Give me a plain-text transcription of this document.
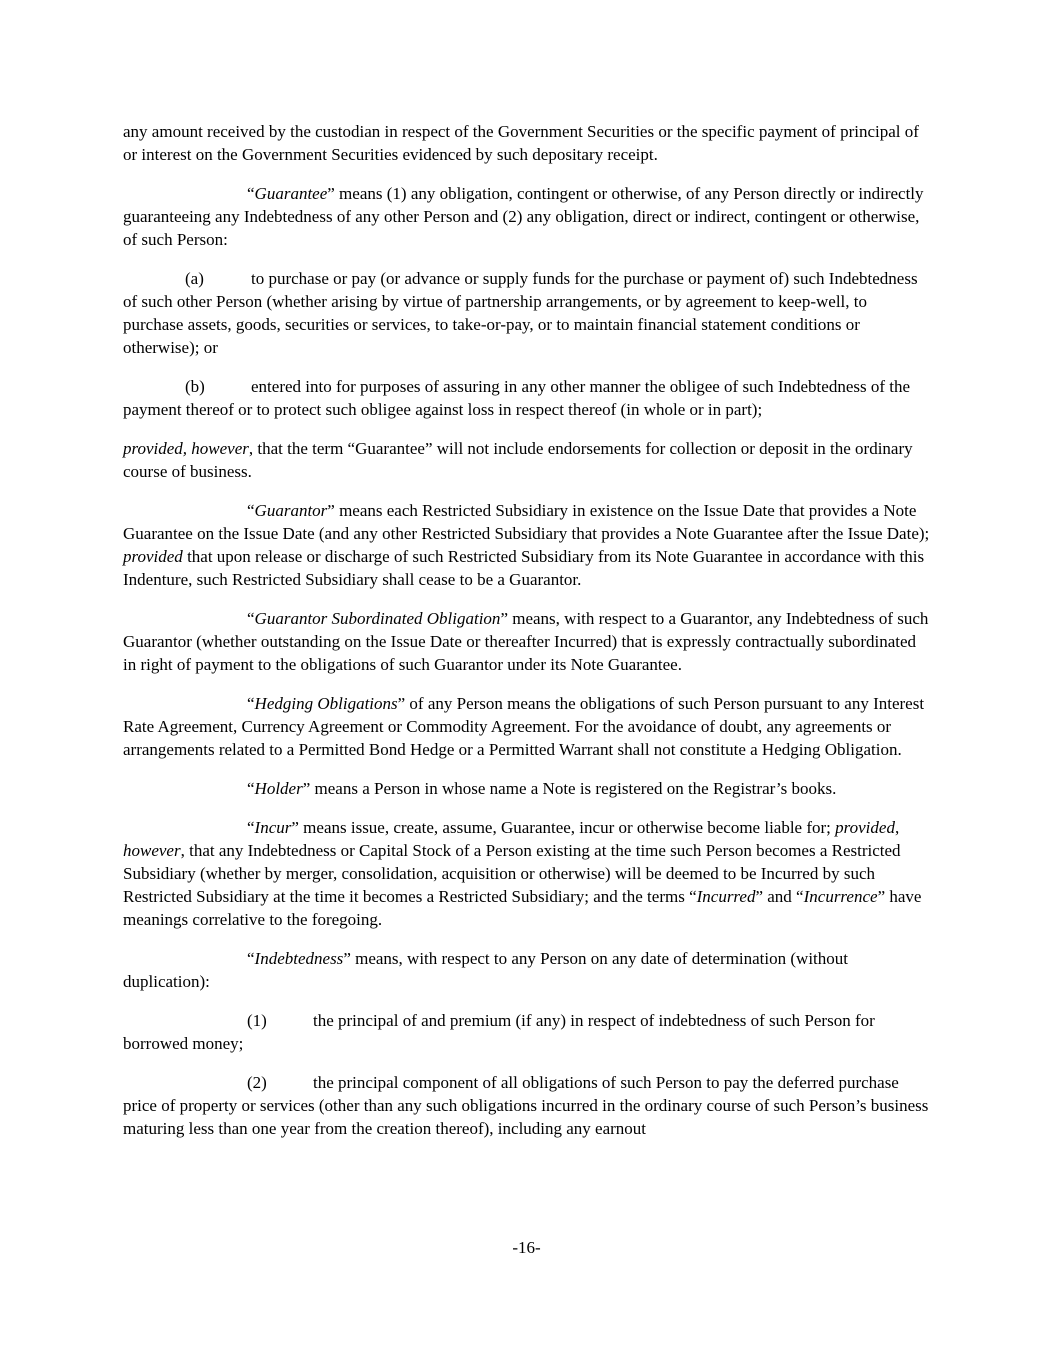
any amount received by the custodian in respect of the Government Securities or the specific payment of principal of or interest on the Government Securities evidenced by such depositary receipt.

“Guarantee” means (1) any obligation, contingent or otherwise, of any Person directly or indirectly guaranteeing any Indebtedness of any other Person and (2) any obligation, direct or indirect, contingent or otherwise, of such Person:

(a)	to purchase or pay (or advance or supply funds for the purchase or payment of) such Indebtedness of such other Person (whether arising by virtue of partnership arrangements, or by agreement to keep-well, to purchase assets, goods, securities or services, to take-or-pay, or to maintain financial statement conditions or otherwise); or

(b)	entered into for purposes of assuring in any other manner the obligee of such Indebtedness of the payment thereof or to protect such obligee against loss in respect thereof (in whole or in part);

provided, however, that the term “Guarantee” will not include endorsements for collection or deposit in the ordinary course of business.

“Guarantor” means each Restricted Subsidiary in existence on the Issue Date that provides a Note Guarantee on the Issue Date (and any other Restricted Subsidiary that provides a Note Guarantee after the Issue Date); provided that upon release or discharge of such Restricted Subsidiary from its Note Guarantee in accordance with this Indenture, such Restricted Subsidiary shall cease to be a Guarantor.

“Guarantor Subordinated Obligation” means, with respect to a Guarantor, any Indebtedness of such Guarantor (whether outstanding on the Issue Date or thereafter Incurred) that is expressly contractually subordinated in right of payment to the obligations of such Guarantor under its Note Guarantee.

“Hedging Obligations” of any Person means the obligations of such Person pursuant to any Interest Rate Agreement, Currency Agreement or Commodity Agreement. For the avoidance of doubt, any agreements or arrangements related to a Permitted Bond Hedge or a Permitted Warrant shall not constitute a Hedging Obligation.

“Holder” means a Person in whose name a Note is registered on the Registrar’s books.

“Incur” means issue, create, assume, Guarantee, incur or otherwise become liable for; provided, however, that any Indebtedness or Capital Stock of a Person existing at the time such Person becomes a Restricted Subsidiary (whether by merger, consolidation, acquisition or otherwise) will be deemed to be Incurred by such Restricted Subsidiary at the time it becomes a Restricted Subsidiary; and the terms “Incurred” and “Incurrence” have meanings correlative to the foregoing.

“Indebtedness” means, with respect to any Person on any date of determination (without duplication):

(1)	the principal of and premium (if any) in respect of indebtedness of such Person for borrowed money;

(2)	the principal component of all obligations of such Person to pay the deferred purchase price of property or services (other than any such obligations incurred in the ordinary course of such Person’s business maturing less than one year from the creation thereof), including any earnout

-16-
